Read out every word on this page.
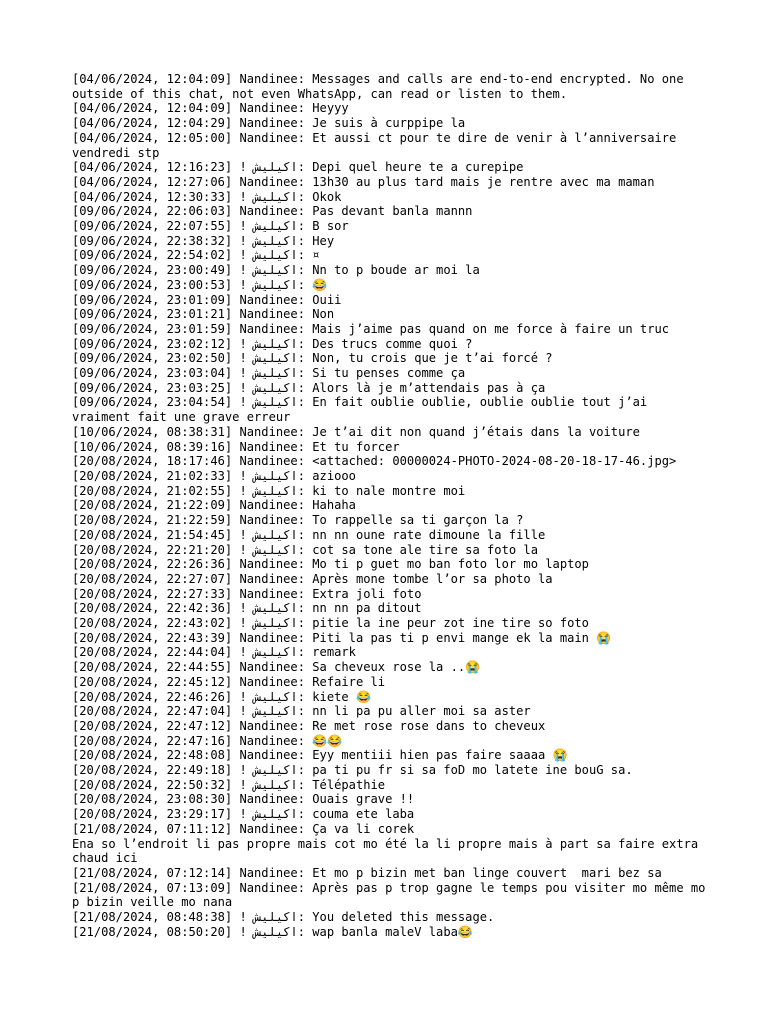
[04/06/2024, 12:04:09] Nandinee: Messages and calls are end-to-end encrypted. No one outside of this chat, not even WhatsApp, can read or listen to them.

[04/06/2024, 12:04:09] Nandinee: Heyyy

[04/06/2024, 12:04:29] Nandinee: Je suis à curppipe la

[04/06/2024, 12:05:00] Nandinee: Et aussi ct pour te dire de venir à l’anniversaire vendredi stp

[04/06/2024, 12:16:23] ! ‏اكيليش: Depi quel heure te a curepipe

[04/06/2024, 12:27:06] Nandinee: 13h30 au plus tard mais je rentre avec ma maman

[04/06/2024, 12:30:33] ! ‏اكيليش: Okok

[09/06/2024, 22:06:03] Nandinee: Pas devant banla mannn

[09/06/2024, 22:07:55] ! ‏اكيليش: B sor

[09/06/2024, 22:38:32] ! ‏اكيليش: Hey

[09/06/2024, 22:54:02] ! ‏اكيليش: ¤

[09/06/2024, 23:00:49] ! ‏اكيليش: Nn to p boude ar moi la

[09/06/2024, 23:00:53] ! ‏اكيليش: 😂

[09/06/2024, 23:01:09] Nandinee: Ouii

[09/06/2024, 23:01:21] Nandinee: Non

[09/06/2024, 23:01:59] Nandinee: Mais j’aime pas quand on me force à faire un truc

[09/06/2024, 23:02:12] ! ‏اكيليش: Des trucs comme quoi ?

[09/06/2024, 23:02:50] ! ‏اكيليش: Non, tu crois que je t’ai forcé ?

[09/06/2024, 23:03:04] ! ‏اكيليش: Si tu penses comme ça

[09/06/2024, 23:03:25] ! ‏اكيليش: Alors là je m’attendais pas à ça

[09/06/2024, 23:04:54] ! ‏اكيليش: En fait oublie oublie, oublie oublie tout j’ai vraiment fait une grave erreur

[10/06/2024, 08:38:31] Nandinee: Je t’ai dit non quand j’étais dans la voiture

[10/06/2024, 08:39:16] Nandinee: Et tu forcer

[20/08/2024, 18:17:46] Nandinee: <attached: 00000024-PHOTO-2024-08-20-18-17-46.jpg>

[20/08/2024, 21:02:33] ! ‏اكيليش: aziooo

[20/08/2024, 21:02:55] ! ‏اكيليش: ki to nale montre moi

[20/08/2024, 21:22:09] Nandinee: Hahaha

[20/08/2024, 21:22:59] Nandinee: To rappelle sa ti garçon la ?

[20/08/2024, 21:54:45] ! ‏اكيليش: nn nn oune rate dimoune la fille

[20/08/2024, 22:21:20] ! ‏اكيليش: cot sa tone ale tire sa foto la

[20/08/2024, 22:26:36] Nandinee: Mo ti p guet mo ban foto lor mo laptop

[20/08/2024, 22:27:07] Nandinee: Après mone tombe l’or sa photo la

[20/08/2024, 22:27:33] Nandinee: Extra joli foto

[20/08/2024, 22:42:36] ! ‏اكيليش: nn nn pa ditout

[20/08/2024, 22:43:02] ! ‏اكيليش: pitie la ine peur zot ine tire so foto

[20/08/2024, 22:43:39] Nandinee: Piti la pas ti p envi mange ek la main 😭

[20/08/2024, 22:44:04] ! ‏اكيليش: remark

[20/08/2024, 22:44:55] Nandinee: Sa cheveux rose la ..😭

[20/08/2024, 22:45:12] Nandinee: Refaire li

[20/08/2024, 22:46:26] ! ‏اكيليش: kiete 😂

[20/08/2024, 22:47:04] ! ‏اكيليش: nn li pa pu aller moi sa aster

[20/08/2024, 22:47:12] Nandinee: Re met rose rose dans to cheveux

[20/08/2024, 22:47:16] Nandinee: 😂😂

[20/08/2024, 22:48:08] Nandinee: Eyy mentiii hien pas faire saaaa 😭

[20/08/2024, 22:49:18] ! ‏اكيليش: pa ti pu fr si sa foD mo latete ine bouG sa.

[20/08/2024, 22:50:32] ! ‏اكيليش: Télépathie

[20/08/2024, 23:08:30] Nandinee: Ouais grave !!

[20/08/2024, 23:29:17] ! ‏اكيليش: couma ete laba

[21/08/2024, 07:11:12] Nandinee: Ça va li corek
Ena so l’endroit li pas propre mais cot mo été la li propre mais à part sa faire extra chaud ici

[21/08/2024, 07:12:14] Nandinee: Et mo p bizin met ban linge couvert  mari bez sa

[21/08/2024, 07:13:09] Nandinee: Après pas p trop gagne le temps pou visiter mo même mo p bizin veille mo nana

[21/08/2024, 08:48:38] ! ‏اكيليش: You deleted this message.

[21/08/2024, 08:50:20] ! ‏اكيليش: wap banla maleV laba😂
